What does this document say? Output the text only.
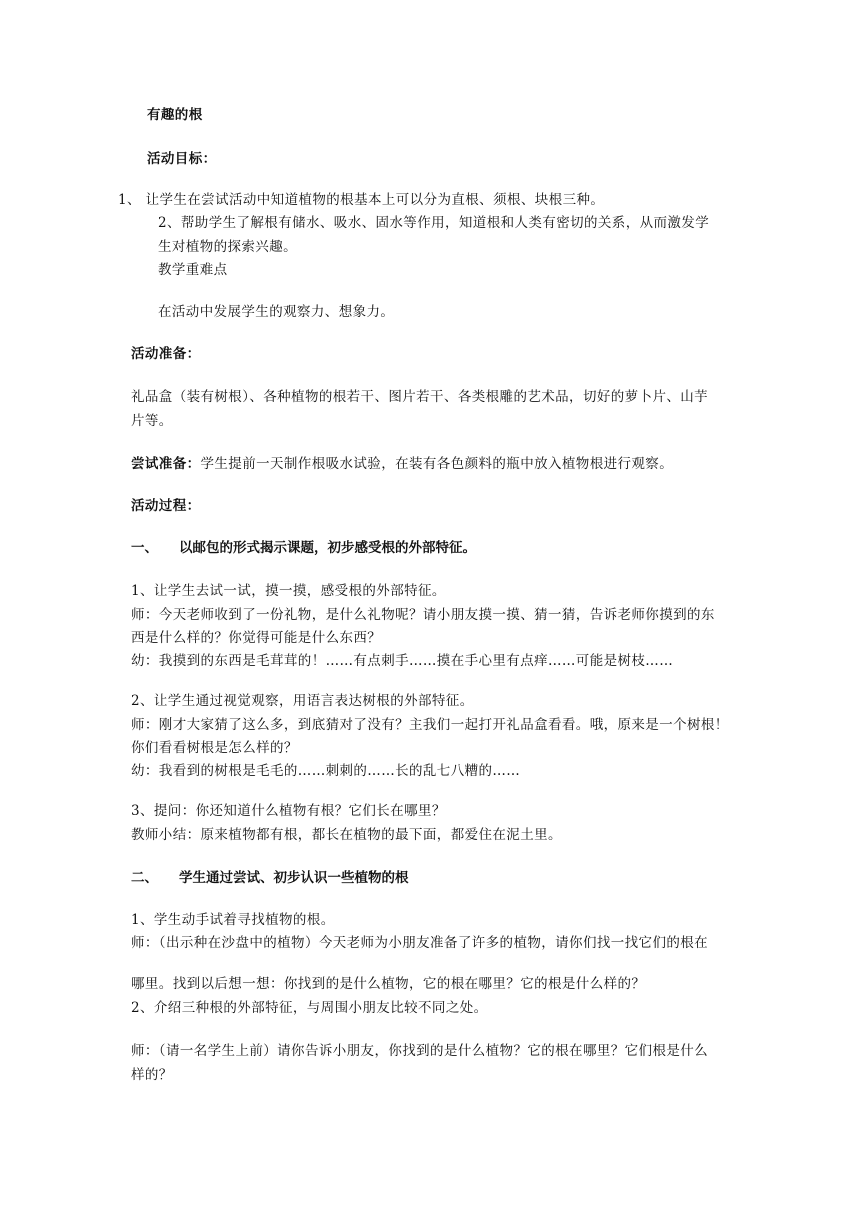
有趣的根
活动目标：
1、 让学生在尝试活动中知道植物的根基本上可以分为直根、须根、块根三种。
2、帮助学生了解根有储水、吸水、固水等作用，知道根和人类有密切的关系，从而激发学
生对植物的探索兴趣。
教学重难点
在活动中发展学生的观察力、想象力。
活动准备：
礼品盒（装有树根）、各种植物的根若干、图片若干、各类根雕的艺术品，切好的萝卜片、山芋
片等。
尝试准备：学生提前一天制作根吸水试验，在装有各色颜料的瓶中放入植物根进行观察。
活动过程：
一、 以邮包的形式揭示课题，初步感受根的外部特征。
1、让学生去试一试，摸一摸，感受根的外部特征。
师：今天老师收到了一份礼物，是什么礼物呢？请小朋友摸一摸、猜一猜，告诉老师你摸到的东
西是什么样的？你觉得可能是什么东西？
幼：我摸到的东西是毛茸茸的！……有点刺手……摸在手心里有点痒……可能是树枝……
2、让学生通过视觉观察，用语言表达树根的外部特征。
师：刚才大家猜了这么多，到底猜对了没有？主我们一起打开礼品盒看看。哦，原来是一个树根！
你们看看树根是怎么样的？
幼：我看到的树根是毛毛的……刺刺的……长的乱七八糟的……
3、提问：你还知道什么植物有根？它们长在哪里？
教师小结：原来植物都有根，都长在植物的最下面，都爱住在泥土里。
二、 学生通过尝试、初步认识一些植物的根
1、学生动手试着寻找植物的根。
师：（出示种在沙盘中的植物）今天老师为小朋友准备了许多的植物，请你们找一找它们的根在
哪里。找到以后想一想：你找到的是什么植物，它的根在哪里？它的根是什么样的？
2、介绍三种根的外部特征，与周围小朋友比较不同之处。
师：（请一名学生上前）请你告诉小朋友，你找到的是什么植物？它的根在哪里？它们根是什么
样的？
